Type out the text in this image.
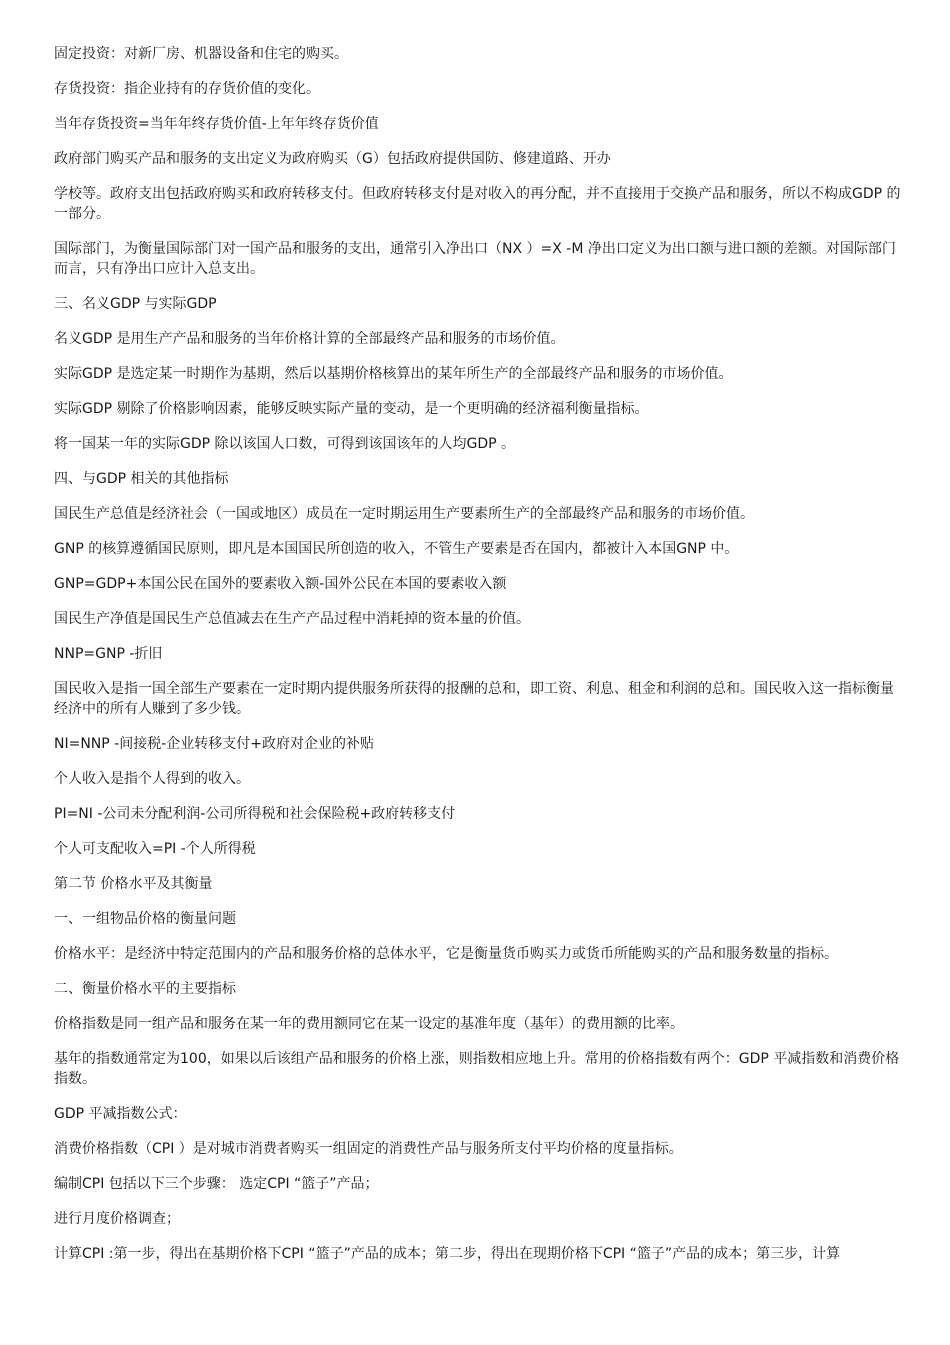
固定投资：对新厂房、机器设备和住宅的购买。

存货投资：指企业持有的存货价值的变化。

当年存货投资=当年年终存货价值-上年年终存货价值

政府部门购买产品和服务的支出定义为政府购买（G）包括政府提供国防、修建道路、开办

学校等。政府支出包括政府购买和政府转移支付。但政府转移支付是对收入的再分配，并不直接用于交换产品和服务，所以不构成GDP 的一部分。

国际部门，为衡量国际部门对一国产品和服务的支出，通常引入净出口（NX ）=X -M 净出口定义为出口额与进口额的差额。对国际部门而言，只有净出口应计入总支出。

三、名义GDP 与实际GDP

名义GDP 是用生产产品和服务的当年价格计算的全部最终产品和服务的市场价值。

实际GDP 是选定某一时期作为基期，然后以基期价格核算出的某年所生产的全部最终产品和服务的市场价值。

实际GDP 剔除了价格影响因素，能够反映实际产量的变动，是一个更明确的经济福利衡量指标。

将一国某一年的实际GDP 除以该国人口数，可得到该国该年的人均GDP 。

四、与GDP 相关的其他指标

国民生产总值是经济社会（一国或地区）成员在一定时期运用生产要素所生产的全部最终产品和服务的市场价值。

GNP 的核算遵循国民原则，即凡是本国国民所创造的收入，不管生产要素是否在国内，都被计入本国GNP 中。

GNP=GDP+本国公民在国外的要素收入额-国外公民在本国的要素收入额

国民生产净值是国民生产总值减去在生产产品过程中消耗掉的资本量的价值。

NNP=GNP -折旧

国民收入是指一国全部生产要素在一定时期内提供服务所获得的报酬的总和，即工资、利息、租金和利润的总和。国民收入这一指标衡量经济中的所有人赚到了多少钱。

NI=NNP -间接税-企业转移支付+政府对企业的补贴

个人收入是指个人得到的收入。

PI=NI -公司未分配利润-公司所得税和社会保险税+政府转移支付

个人可支配收入=PI -个人所得税

第二节 价格水平及其衡量

一、一组物品价格的衡量问题

价格水平：是经济中特定范围内的产品和服务价格的总体水平，它是衡量货币购买力或货币所能购买的产品和服务数量的指标。

二、衡量价格水平的主要指标

价格指数是同一组产品和服务在某一年的费用额同它在某一设定的基准年度（基年）的费用额的比率。

基年的指数通常定为100，如果以后该组产品和服务的价格上涨，则指数相应地上升。常用的价格指数有两个：GDP 平减指数和消费价格指数。

GDP 平减指数公式：

消费价格指数（CPI ）是对城市消费者购买一组固定的消费性产品与服务所支付平均价格的度量指标。

编制CPI 包括以下三个步骤： 选定CPI “篮子”产品；

进行月度价格调查；

计算CPI :第一步，得出在基期价格下CPI “篮子”产品的成本；第二步，得出在现期价格下CPI “篮子”产品的成本；第三步，计算
